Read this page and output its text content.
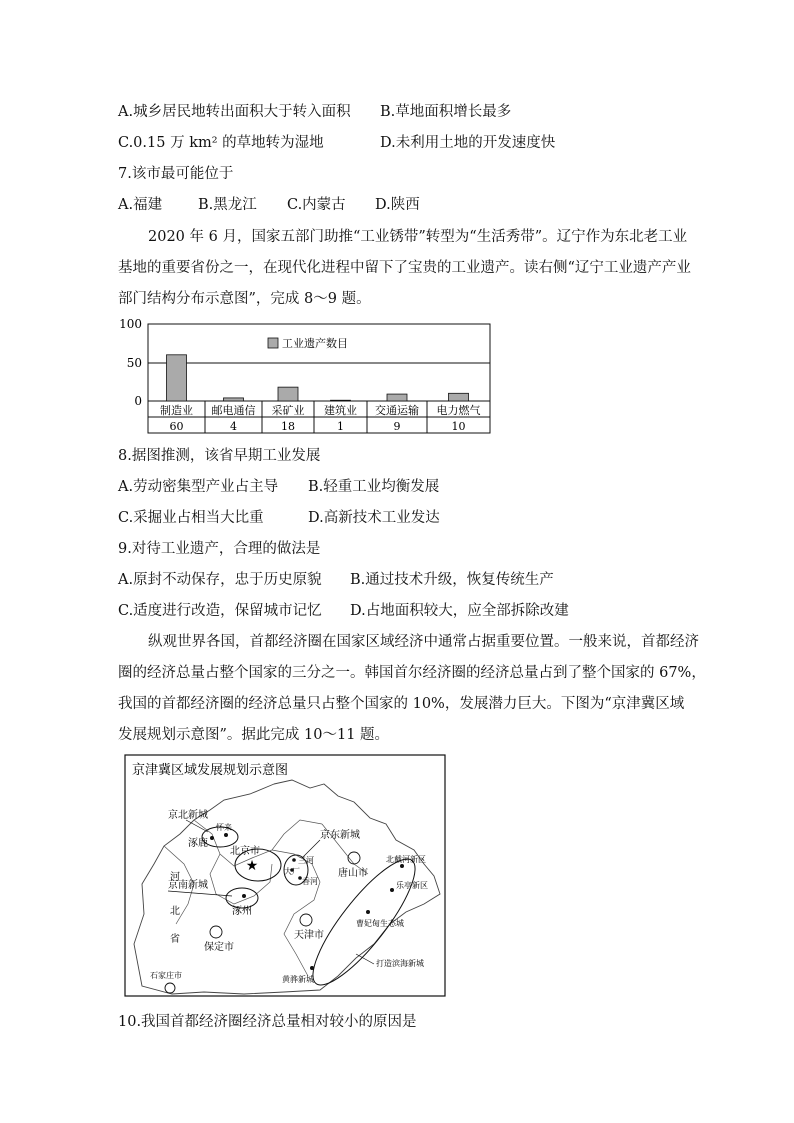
A.城乡居民地转出面积大于转入面积 B.草地面积增长最多
C.0.15 万 km² 的草地转为湿地	D.未利用土地的开发速度快
7.该市最可能位于
A.福建 B.黑龙江 C.内蒙古 D.陕西
2020 年 6 月，国家五部门助推“工业锈带”转型为“生活秀带”。辽宁作为东北老工业
基地的重要省份之一，在现代化进程中留下了宝贵的工业遗产。读右侧“辽宁工业遗产产业
部门结构分布示意图”，完成 8～9 题。
100
50
0
工业遗产数目
制造业 邮电通信 采矿业 建筑业 交通运输 电力燃气
60	4	18	1	9	10
8.据图推测，该省早期工业发展
A.劳动密集型产业占主导 B.轻重工业均衡发展
C.采掘业占相当大比重	D.高新技术工业发达
9.对待工业遗产，合理的做法是
A.原封不动保存，忠于历史原貌 B.通过技术升级，恢复传统生产
C.适度进行改造，保留城市记忆 D.占地面积较大，应全部拆除改建
纵观世界各国，首都经济圈在国家区域经济中通常占据重要位置。一般来说，首都经济
圈的经济总量占整个国家的三分之一。韩国首尔经济圈的经济总量占到了整个国家的 67%，
我国的首都经济圈的经济总量只占整个国家的 10%，发展潜力巨大。下图为“京津冀区域
发展规划示意图”。据此完成 10～11 题。
京津冀区域发展规划示意图
★
北京市
京北新城
怀来
涿鹿
京东新城
三河
大厂
香河
唐山市
北戴河新区
乐亭新区
曹妃甸生态城
黄骅新城
打造滨海新城
天津市
京南新城
涿州
河
北
省
保定市
石家庄市
10.我国首都经济圈经济总量相对较小的原因是
